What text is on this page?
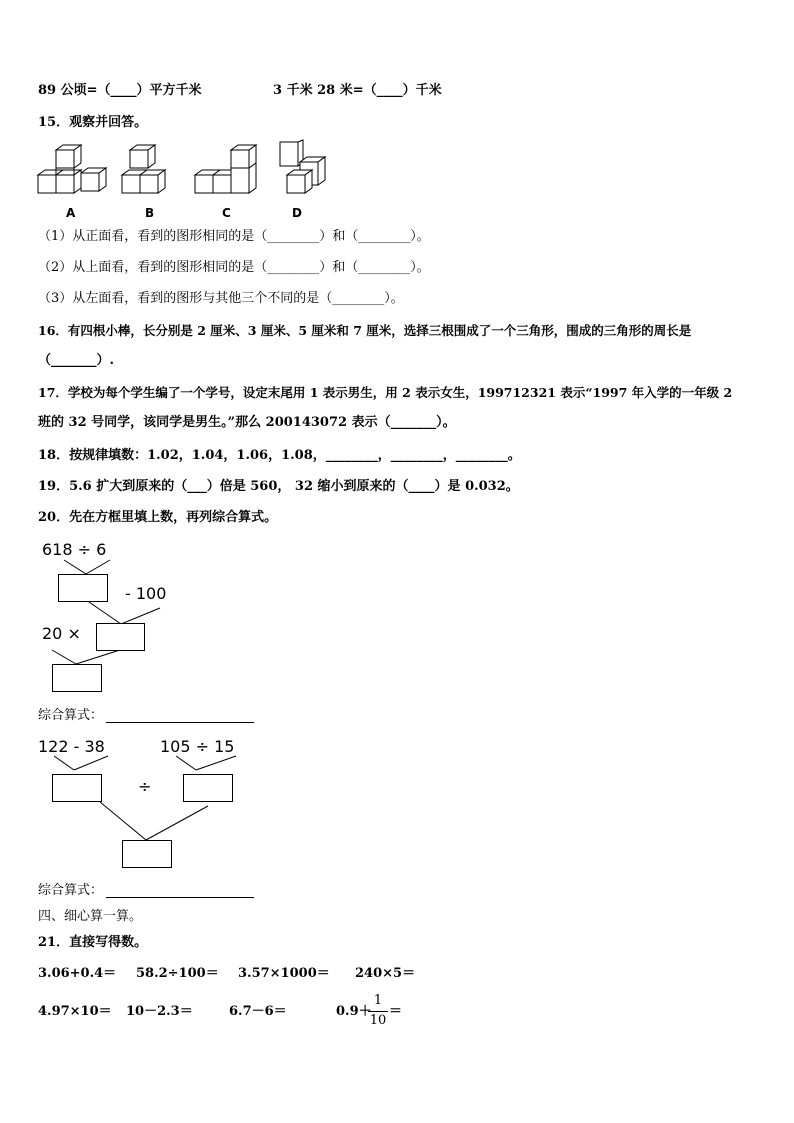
89 公顷=（____）平方千米	3 千米 28 米=（____）千米
15．观察并回答。
A	B	C	D
（1）从正面看，看到的图形相同的是（________）和（________）。
（2）从上面看，看到的图形相同的是（________）和（________）。
（3）从左面看，看到的图形与其他三个不同的是（________）。
16．有四根小棒，长分别是 2 厘米、3 厘米、5 厘米和 7 厘米，选择三根围成了一个三角形，围成的三角形的周长是
（_______）.
17．学校为每个学生编了一个学号，设定末尾用 1 表示男生，用 2 表示女生，199712321 表示“1997 年入学的一年级 2
班的 32 号同学，该同学是男生。”那么 200143072 表示（_______）。
18．按规律填数：1.02，1.04，1.06，1.08，________，________，________。
19．5.6 扩大到原来的（___）倍是 560， 32 缩小到原来的（____）是 0.032。
20．先在方框里填上数，再列综合算式。
618 ÷ 6
- 100
20 ×
综合算式：
122 - 38	105 ÷ 15
÷
综合算式：
四、细心算一算。
21．直接写得数。
3.06+0.4＝ 58.2÷100＝ 3.57×1000＝ 240×5＝
4.97×10＝ 10－2.3＝	6.7－6＝	0.9＋
1
10
＝
